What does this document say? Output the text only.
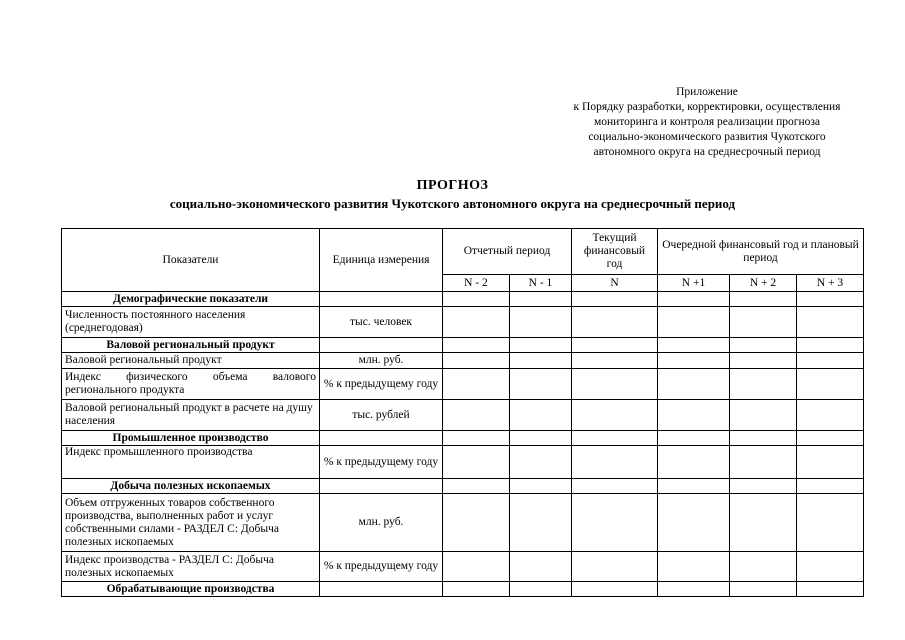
Приложение
к Порядку разработки, корректировки, осуществления
мониторинга и контроля реализации прогноза
социально-экономического развития Чукотского
автономного округа на среднесрочный период
ПРОГНОЗ
социально-экономического развития Чукотского автономного округа на среднесрочный период
Показатели	Единица измерения	Отчетный период		Текущий финансовый год	Очередной финансовый год и плановый период		
		N - 2	N - 1	N	N +1	N + 2	N + 3
Демографические показатели							
Численность постоянного населения (среднегодовая)	тыс. человек						
Валовой региональный продукт							
Валовой региональный продукт	млн. руб.						

Индекс физического объема валового
регионального продукта	% к предыдущему году						
Валовой региональный продукт в расчете на душу населения	тыс. рублей						
Промышленное производство							
Индекс промышленного производства	% к предыдущему году						
Добыча полезных ископаемых							
Объем отгруженных товаров собственного производства, выполненных работ и услуг собственными силами - РАЗДЕЛ С: Добыча полезных ископаемых	млн. руб.						
Индекс производства - РАЗДЕЛ С: Добыча полезных ископаемых	% к предыдущему году						
Обрабатывающие производства							
